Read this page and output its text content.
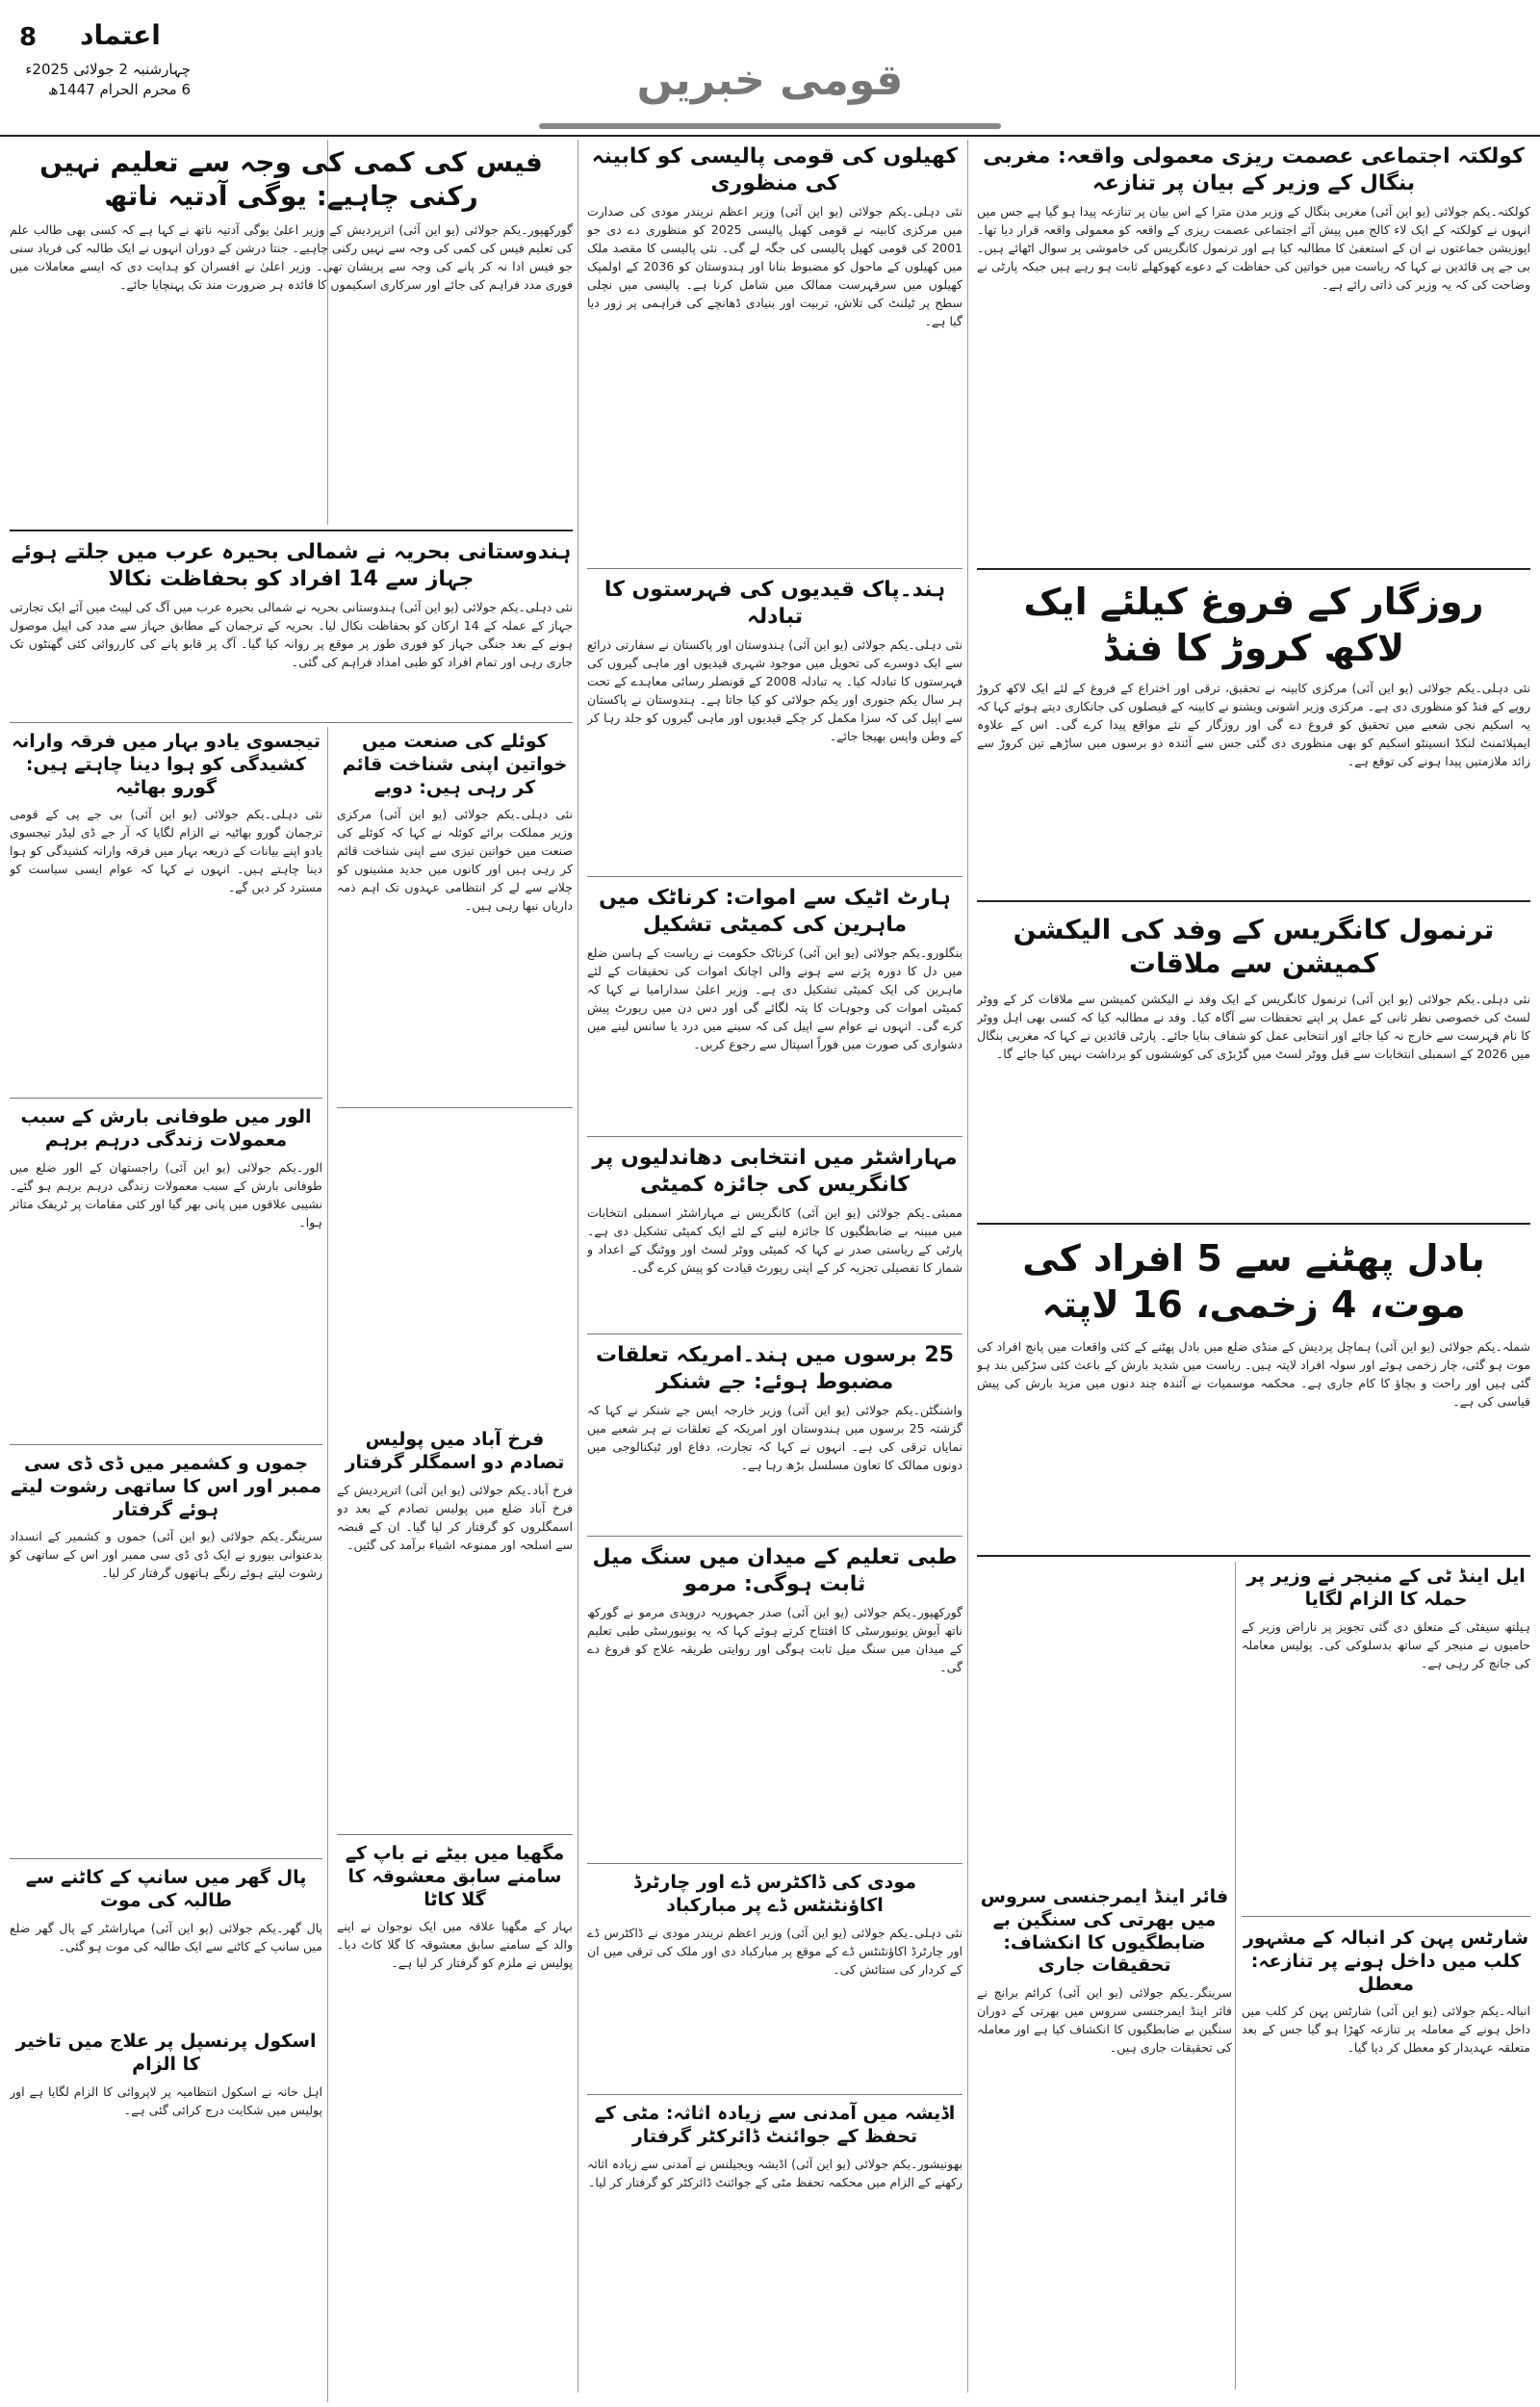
8	اعتماد
چہارشنبہ 2 جولائی 2025ء
6 محرم الحرام 1447ھ	قومی خبریں
کولکتہ اجتماعی عصمت ریزی معمولی واقعہ: مغربی بنگال کے وزیر کے بیان پر تنازعہ
کولکتہ۔یکم جولائی (یو این آئی) مغربی بنگال کے وزیر مدن مترا کے اس بیان پر تنازعہ پیدا ہو گیا ہے جس میں انہوں نے کولکتہ کے ایک لاء کالج میں پیش آئے اجتماعی عصمت ریزی کے واقعہ کو معمولی واقعہ قرار دیا تھا۔ اپوزیشن جماعتوں نے ان کے استعفیٰ کا مطالبہ کیا ہے اور ترنمول کانگریس کی خاموشی پر سوال اٹھائے ہیں۔ بی جے پی قائدین نے کہا کہ ریاست میں خواتین کی حفاظت کے دعوے کھوکھلے ثابت ہو رہے ہیں جبکہ پارٹی نے وضاحت کی کہ یہ وزیر کی ذاتی رائے ہے۔
روزگار کے فروغ کیلئے ایک لاکھ کروڑ کا فنڈ
نئی دہلی۔یکم جولائی (یو این آئی) مرکزی کابینہ نے تحقیق، ترقی اور اختراع کے فروغ کے لئے ایک لاکھ کروڑ روپے کے فنڈ کو منظوری دی ہے۔ مرکزی وزیر اشونی ویشنو نے کابینہ کے فیصلوں کی جانکاری دیتے ہوئے کہا کہ یہ اسکیم نجی شعبے میں تحقیق کو فروغ دے گی اور روزگار کے نئے مواقع پیدا کرے گی۔ اس کے علاوہ ایمپلائمنٹ لنکڈ انسینٹو اسکیم کو بھی منظوری دی گئی جس سے آئندہ دو برسوں میں ساڑھے تین کروڑ سے زائد ملازمتیں پیدا ہونے کی توقع ہے۔
ترنمول کانگریس کے وفد کی الیکشن کمیشن سے ملاقات
نئی دہلی۔یکم جولائی (یو این آئی) ترنمول کانگریس کے ایک وفد نے الیکشن کمیشن سے ملاقات کر کے ووٹر لسٹ کی خصوصی نظر ثانی کے عمل پر اپنے تحفظات سے آگاہ کیا۔ وفد نے مطالبہ کیا کہ کسی بھی اہل ووٹر کا نام فہرست سے خارج نہ کیا جائے اور انتخابی عمل کو شفاف بنایا جائے۔ پارٹی قائدین نے کہا کہ مغربی بنگال میں 2026 کے اسمبلی انتخابات سے قبل ووٹر لسٹ میں گڑبڑی کی کوششوں کو برداشت نہیں کیا جائے گا۔
بادل پھٹنے سے 5 افراد کی موت، 4 زخمی، 16 لاپتہ
شملہ۔یکم جولائی (یو این آئی) ہماچل پردیش کے منڈی ضلع میں بادل پھٹنے کے کئی واقعات میں پانچ افراد کی موت ہو گئی، چار زخمی ہوئے اور سولہ افراد لاپتہ ہیں۔ ریاست میں شدید بارش کے باعث کئی سڑکیں بند ہو گئی ہیں اور راحت و بچاؤ کا کام جاری ہے۔ محکمہ موسمیات نے آئندہ چند دنوں میں مزید بارش کی پیش قیاسی کی ہے۔
ایل اینڈ ٹی کے منیجر نے وزیر پر حملہ کا الزام لگایا
ہیلتھ سیفٹی کے متعلق دی گئی تجویز پر ناراض وزیر کے حامیوں نے منیجر کے ساتھ بدسلوکی کی۔ پولیس معاملہ کی جانچ کر رہی ہے۔
فائر اینڈ ایمرجنسی سروس میں بھرتی کی سنگین بے ضابطگیوں کا انکشاف: تحقیقات جاری
سرینگر۔یکم جولائی (یو این آئی) کرائم برانچ نے فائر اینڈ ایمرجنسی سروس میں بھرتی کے دوران سنگین بے ضابطگیوں کا انکشاف کیا ہے اور معاملہ کی تحقیقات جاری ہیں۔
شارٹس پہن کر انبالہ کے مشہور کلب میں داخل ہونے پر تنازعہ: معطل
انبالہ۔یکم جولائی (یو این آئی) شارٹس پہن کر کلب میں داخل ہونے کے معاملہ پر تنازعہ کھڑا ہو گیا جس کے بعد متعلقہ عہدیدار کو معطل کر دیا گیا۔
کھیلوں کی قومی پالیسی کو کابینہ کی منظوری
نئی دہلی۔یکم جولائی (یو این آئی) وزیر اعظم نریندر مودی کی صدارت میں مرکزی کابینہ نے قومی کھیل پالیسی 2025 کو منظوری دے دی جو 2001 کی قومی کھیل پالیسی کی جگہ لے گی۔ نئی پالیسی کا مقصد ملک میں کھیلوں کے ماحول کو مضبوط بنانا اور ہندوستان کو 2036 کے اولمپک کھیلوں میں سرفہرست ممالک میں شامل کرنا ہے۔ پالیسی میں نچلی سطح پر ٹیلنٹ کی تلاش، تربیت اور بنیادی ڈھانچے کی فراہمی پر زور دیا گیا ہے۔
ہند۔پاک قیدیوں کی فہرستوں کا تبادلہ
نئی دہلی۔یکم جولائی (یو این آئی) ہندوستان اور پاکستان نے سفارتی ذرائع سے ایک دوسرے کی تحویل میں موجود شہری قیدیوں اور ماہی گیروں کی فہرستوں کا تبادلہ کیا۔ یہ تبادلہ 2008 کے قونصلر رسائی معاہدے کے تحت ہر سال یکم جنوری اور یکم جولائی کو کیا جاتا ہے۔ ہندوستان نے پاکستان سے اپیل کی کہ سزا مکمل کر چکے قیدیوں اور ماہی گیروں کو جلد رہا کر کے وطن واپس بھیجا جائے۔
ہارٹ اٹیک سے اموات: کرناٹک میں ماہرین کی کمیٹی تشکیل
بنگلورو۔یکم جولائی (یو این آئی) کرناٹک حکومت نے ریاست کے ہاسن ضلع میں دل کا دورہ پڑنے سے ہونے والی اچانک اموات کی تحقیقات کے لئے ماہرین کی ایک کمیٹی تشکیل دی ہے۔ وزیر اعلیٰ سدارامیا نے کہا کہ کمیٹی اموات کی وجوہات کا پتہ لگائے گی اور دس دن میں رپورٹ پیش کرے گی۔ انہوں نے عوام سے اپیل کی کہ سینے میں درد یا سانس لینے میں دشواری کی صورت میں فوراً اسپتال سے رجوع کریں۔
مہاراشٹر میں انتخابی دھاندلیوں پر کانگریس کی جائزہ کمیٹی
ممبئی۔یکم جولائی (یو این آئی) کانگریس نے مہاراشٹر اسمبلی انتخابات میں مبینہ بے ضابطگیوں کا جائزہ لینے کے لئے ایک کمیٹی تشکیل دی ہے۔ پارٹی کے ریاستی صدر نے کہا کہ کمیٹی ووٹر لسٹ اور ووٹنگ کے اعداد و شمار کا تفصیلی تجزیہ کر کے اپنی رپورٹ قیادت کو پیش کرے گی۔
25 برسوں میں ہند۔امریکہ تعلقات مضبوط ہوئے: جے شنکر
واشنگٹن۔یکم جولائی (یو این آئی) وزیر خارجہ ایس جے شنکر نے کہا کہ گزشتہ 25 برسوں میں ہندوستان اور امریکہ کے تعلقات نے ہر شعبے میں نمایاں ترقی کی ہے۔ انہوں نے کہا کہ تجارت، دفاع اور ٹیکنالوجی میں دونوں ممالک کا تعاون مسلسل بڑھ رہا ہے۔
طبی تعلیم کے میدان میں سنگ میل ثابت ہوگی: مرمو
گورکھپور۔یکم جولائی (یو این آئی) صدر جمہوریہ دروپدی مرمو نے گورکھ ناتھ آیوش یونیورسٹی کا افتتاح کرتے ہوئے کہا کہ یہ یونیورسٹی طبی تعلیم کے میدان میں سنگ میل ثابت ہوگی اور روایتی طریقہ علاج کو فروغ دے گی۔
مودی کی ڈاکٹرس ڈے اور چارٹرڈ اکاؤنٹنٹس ڈے پر مبارکباد
نئی دہلی۔یکم جولائی (یو این آئی) وزیر اعظم نریندر مودی نے ڈاکٹرس ڈے اور چارٹرڈ اکاؤنٹنٹس ڈے کے موقع پر مبارکباد دی اور ملک کی ترقی میں ان کے کردار کی ستائش کی۔
اڈیشہ میں آمدنی سے زیادہ اثاثہ: مٹی کے تحفظ کے جوائنٹ ڈائرکٹر گرفتار
بھونیشور۔یکم جولائی (یو این آئی) اڈیشہ ویجیلنس نے آمدنی سے زیادہ اثاثہ رکھنے کے الزام میں محکمہ تحفظ مٹی کے جوائنٹ ڈائرکٹر کو گرفتار کر لیا۔
فیس کی کمی کی وجہ سے تعلیم نہیں رکنی چاہیے: یوگی آدتیہ ناتھ
گورکھپور۔یکم جولائی (یو این آئی) اترپردیش کے وزیر اعلیٰ یوگی آدتیہ ناتھ نے کہا ہے کہ کسی بھی طالب علم کی تعلیم فیس کی کمی کی وجہ سے نہیں رکنی چاہیے۔ جنتا درشن کے دوران انہوں نے ایک طالبہ کی فریاد سنی جو فیس ادا نہ کر پانے کی وجہ سے پریشان تھی۔ وزیر اعلیٰ نے افسران کو ہدایت دی کہ ایسے معاملات میں فوری مدد فراہم کی جائے اور سرکاری اسکیموں کا فائدہ ہر ضرورت مند تک پہنچایا جائے۔
ہندوستانی بحریہ نے شمالی بحیرہ عرب میں جلتے ہوئے جہاز سے 14 افراد کو بحفاظت نکالا
نئی دہلی۔یکم جولائی (یو این آئی) ہندوستانی بحریہ نے شمالی بحیرہ عرب میں آگ کی لپیٹ میں آئے ایک تجارتی جہاز کے عملہ کے 14 ارکان کو بحفاظت نکال لیا۔ بحریہ کے ترجمان کے مطابق جہاز سے مدد کی اپیل موصول ہونے کے بعد جنگی جہاز کو فوری طور پر موقع پر روانہ کیا گیا۔ آگ پر قابو پانے کی کارروائی کئی گھنٹوں تک جاری رہی اور تمام افراد کو طبی امداد فراہم کی گئی۔
کوئلے کی صنعت میں خواتین اپنی شناخت قائم کر رہی ہیں: دوبے
نئی دہلی۔یکم جولائی (یو این آئی) مرکزی وزیر مملکت برائے کوئلہ نے کہا کہ کوئلے کی صنعت میں خواتین تیزی سے اپنی شناخت قائم کر رہی ہیں اور کانوں میں جدید مشینوں کو چلانے سے لے کر انتظامی عہدوں تک اہم ذمہ داریاں نبھا رہی ہیں۔
فرخ آباد میں پولیس تصادم دو اسمگلر گرفتار
فرخ آباد۔یکم جولائی (یو این آئی) اترپردیش کے فرخ آباد ضلع میں پولیس تصادم کے بعد دو اسمگلروں کو گرفتار کر لیا گیا۔ ان کے قبضہ سے اسلحہ اور ممنوعہ اشیاء برآمد کی گئیں۔
مگھیا میں بیٹے نے باپ کے سامنے سابق معشوقہ کا گلا کاٹا
بہار کے مگھیا علاقہ میں ایک نوجوان نے اپنے والد کے سامنے سابق معشوقہ کا گلا کاٹ دیا۔ پولیس نے ملزم کو گرفتار کر لیا ہے۔
تیجسوی یادو بہار میں فرقہ وارانہ کشیدگی کو ہوا دینا چاہتے ہیں: گورو بھاٹیہ
نئی دہلی۔یکم جولائی (یو این آئی) بی جے پی کے قومی ترجمان گورو بھاٹیہ نے الزام لگایا کہ آر جے ڈی لیڈر تیجسوی یادو اپنے بیانات کے ذریعہ بہار میں فرقہ وارانہ کشیدگی کو ہوا دینا چاہتے ہیں۔ انہوں نے کہا کہ عوام ایسی سیاست کو مسترد کر دیں گے۔
الور میں طوفانی بارش کے سبب معمولات زندگی درہم برہم
الور۔یکم جولائی (یو این آئی) راجستھان کے الور ضلع میں طوفانی بارش کے سبب معمولات زندگی درہم برہم ہو گئے۔ نشیبی علاقوں میں پانی بھر گیا اور کئی مقامات پر ٹریفک متاثر ہوا۔
جموں و کشمیر میں ڈی ڈی سی ممبر اور اس کا ساتھی رشوت لیتے ہوئے گرفتار
سرینگر۔یکم جولائی (یو این آئی) جموں و کشمیر کے انسداد بدعنوانی بیورو نے ایک ڈی ڈی سی ممبر اور اس کے ساتھی کو رشوت لیتے ہوئے رنگے ہاتھوں گرفتار کر لیا۔
پال گھر میں سانپ کے کاٹنے سے طالبہ کی موت
پال گھر۔یکم جولائی (یو این آئی) مہاراشٹر کے پال گھر ضلع میں سانپ کے کاٹنے سے ایک طالبہ کی موت ہو گئی۔
اسکول پرنسپل پر علاج میں تاخیر کا الزام
اہل خانہ نے اسکول انتظامیہ پر لاپروائی کا الزام لگایا ہے اور پولیس میں شکایت درج کرائی گئی ہے۔
